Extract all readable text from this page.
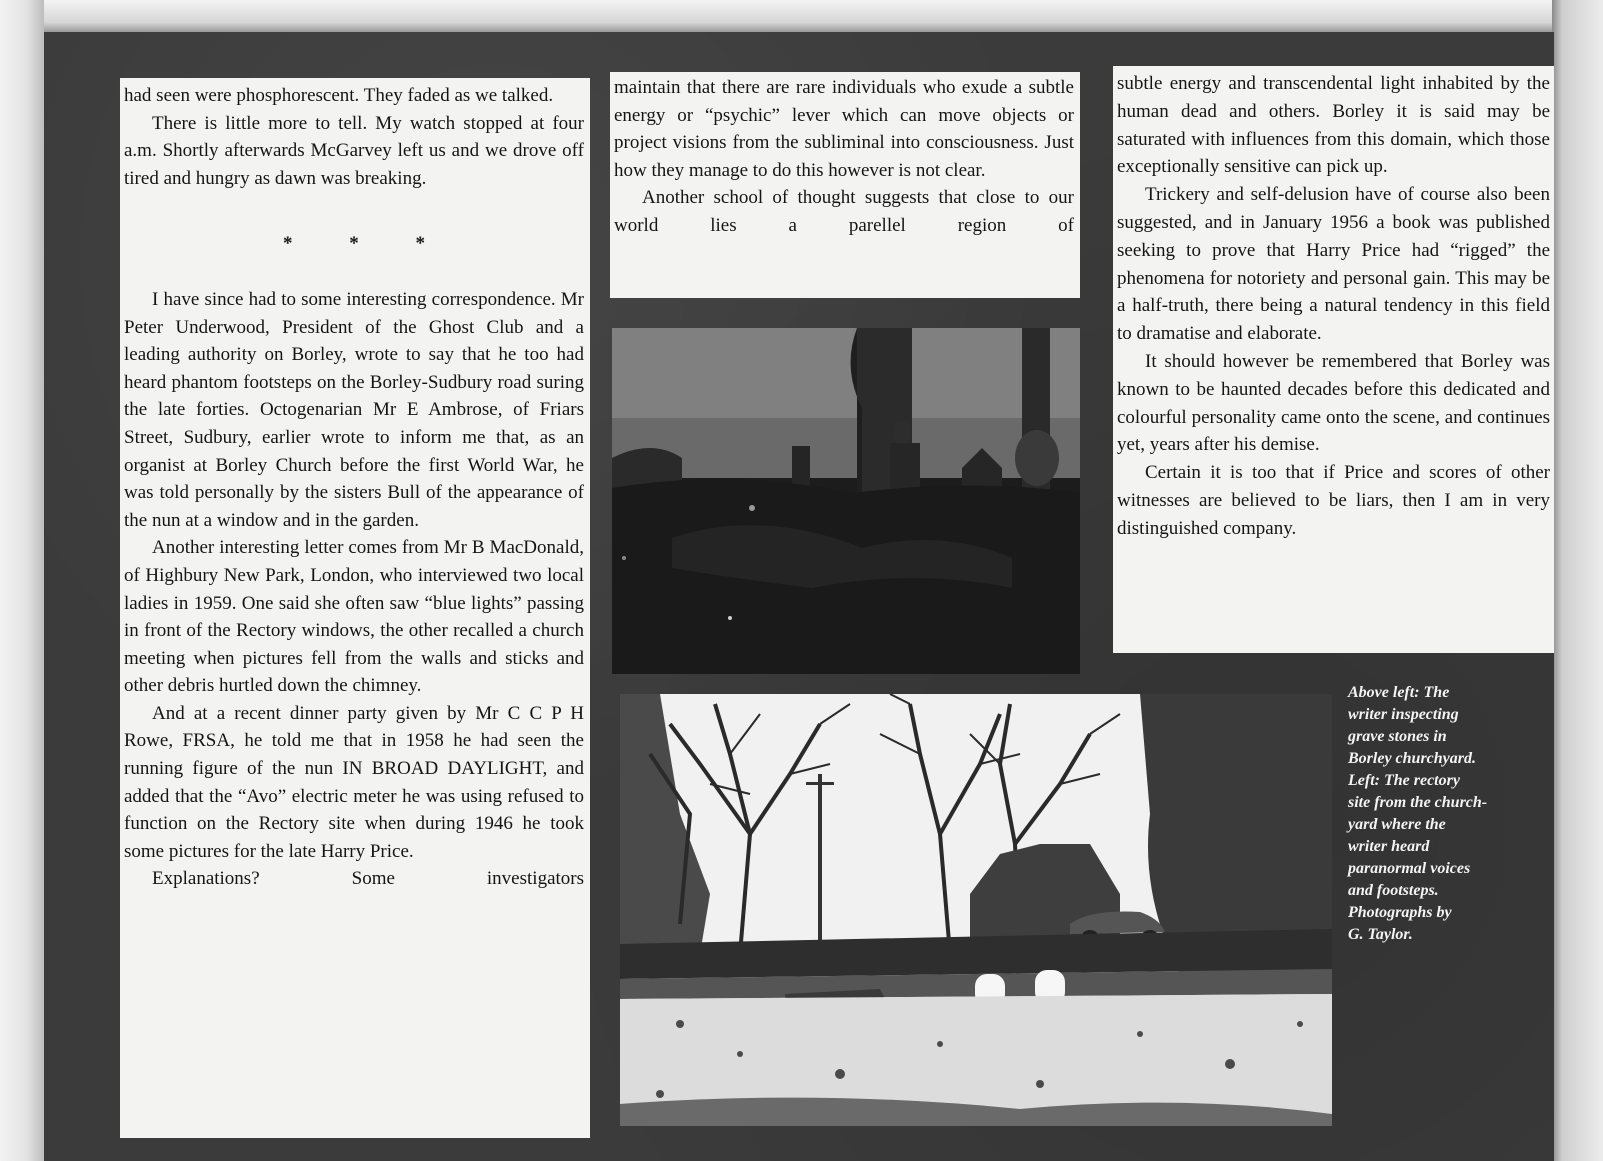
had seen were phosphorescent. They faded as we talked.

There is little more to tell. My watch stopped at four a.m. Shortly afterwards McGarvey left us and we drove off tired and hungry as dawn was breaking.

* * *

I have since had to some interesting correspondence. Mr Peter Underwood, President of the Ghost Club and a leading authority on Borley, wrote to say that he too had heard phantom footsteps on the Borley-Sudbury road suring the late forties. Octogenarian Mr E Ambrose, of Friars Street, Sudbury, earlier wrote to inform me that, as an organist at Borley Church before the first World War, he was told personally by the sisters Bull of the appearance of the nun at a window and in the garden.

Another interesting letter comes from Mr B MacDonald, of Highbury New Park, London, who interviewed two local ladies in 1959. One said she often saw “blue lights” passing in front of the Rectory windows, the other recalled a church meeting when pictures fell from the walls and sticks and other debris hurtled down the chimney.

And at a recent dinner party given by Mr C C P H Rowe, FRSA, he told me that in 1958 he had seen the running figure of the nun IN BROAD DAYLIGHT, and added that the “Avo” electric meter he was using refused to function on the Rectory site when during 1946 he took some pictures for the late Harry Price.

Explanations? Some investigators

maintain that there are rare individuals who exude a subtle energy or “psychic” lever which can move objects or project visions from the subliminal into consciousness. Just how they manage to do this however is not clear.

Another school of thought suggests that close to our world lies a parellel region of

subtle energy and transcendental light inhabited by the human dead and others. Borley it is said may be saturated with influences from this domain, which those exceptionally sensitive can pick up.

Trickery and self-delusion have of course also been suggested, and in January 1956 a book was published seeking to prove that Harry Price had “rigged” the phenomena for notoriety and personal gain. This may be a half-truth, there being a natural tendency in this field to dramatise and elaborate.

It should however be remembered that Borley was known to be haunted decades before this dedicated and colourful personality came onto the scene, and continues yet, years after his demise.

Certain it is too that if Price and scores of other witnesses are believed to be liars, then I am in very distinguished company.

Above left: The
writer inspecting
grave stones in
Borley churchyard.
Left: The rectory
site from the church-
yard where the
writer heard
paranormal voices
and footsteps.
Photographs by
G. Taylor.
